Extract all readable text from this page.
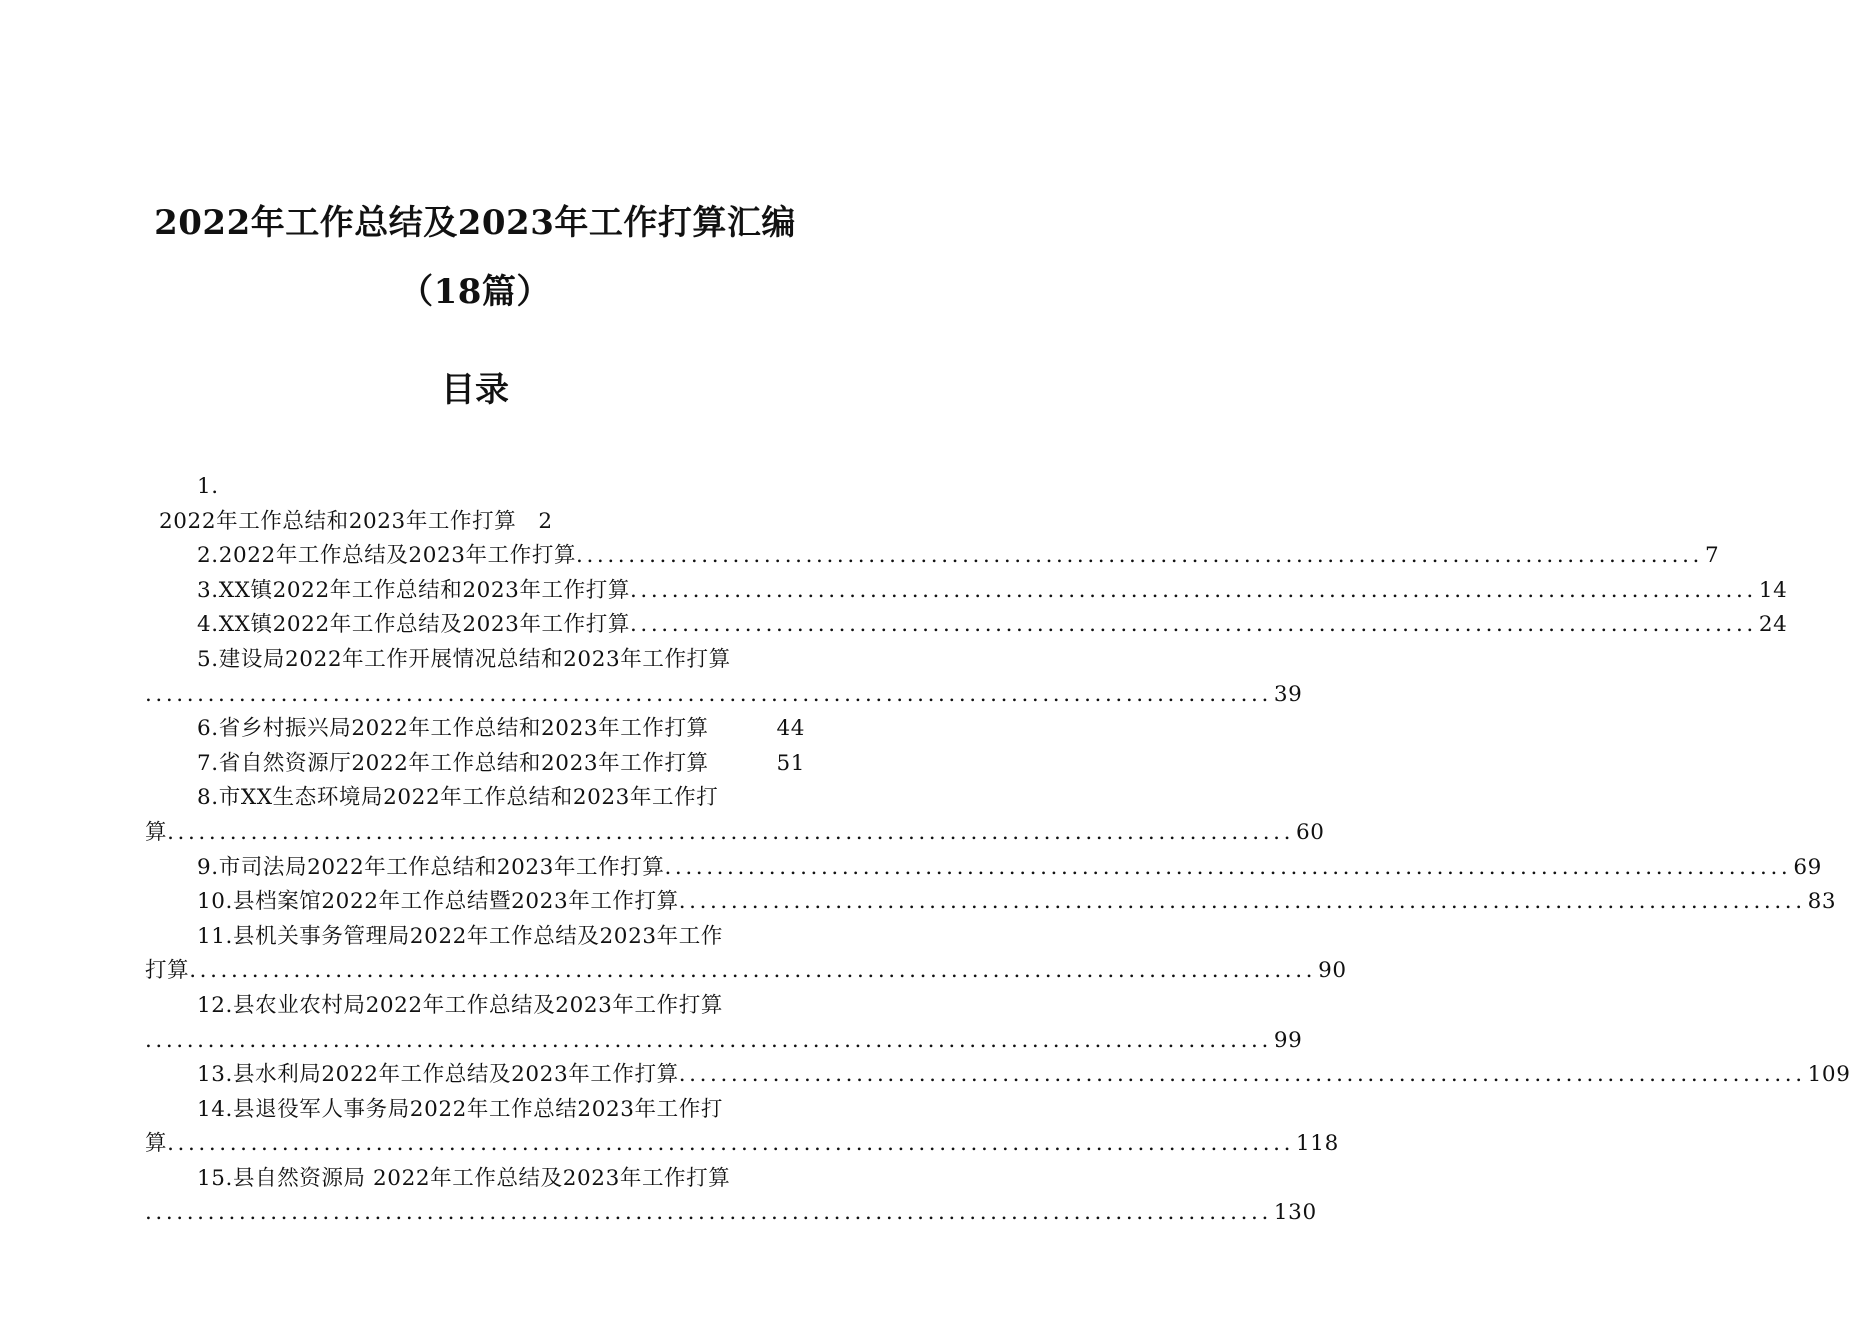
2022年工作总结及2023年工作打算汇编
（18篇）
目录
1.
2022年工作总结和2023年工作打算 2
2.2022年工作总结及2023年工作打算 ............................................................................................................ 7
3.XX镇2022年工作总结和2023年工作打算 ............................................................................................................ 14
4.XX镇2022年工作总结及2023年工作打算 ............................................................................................................ 24
5.建设局2022年工作开展情况总结和2023年工作打算
............................................................................................................ 39
6.省乡村振兴局2022年工作总结和2023年工作打算	44
7.省自然资源厅2022年工作总结和2023年工作打算	51
8.市XX生态环境局2022年工作总结和2023年工作打
算 ............................................................................................................ 60
9.市司法局2022年工作总结和2023年工作打算 ............................................................................................................ 69
10.县档案馆2022年工作总结暨2023年工作打算 ............................................................................................................ 83
11.县机关事务管理局2022年工作总结及2023年工作
打算 ............................................................................................................ 90
12.县农业农村局2022年工作总结及2023年工作打算
............................................................................................................ 99
13.县水利局2022年工作总结及2023年工作打算 ............................................................................................................ 109
14.县退役军人事务局2022年工作总结2023年工作打
算 ............................................................................................................ 118
15.县自然资源局 2022年工作总结及2023年工作打算
............................................................................................................ 130
